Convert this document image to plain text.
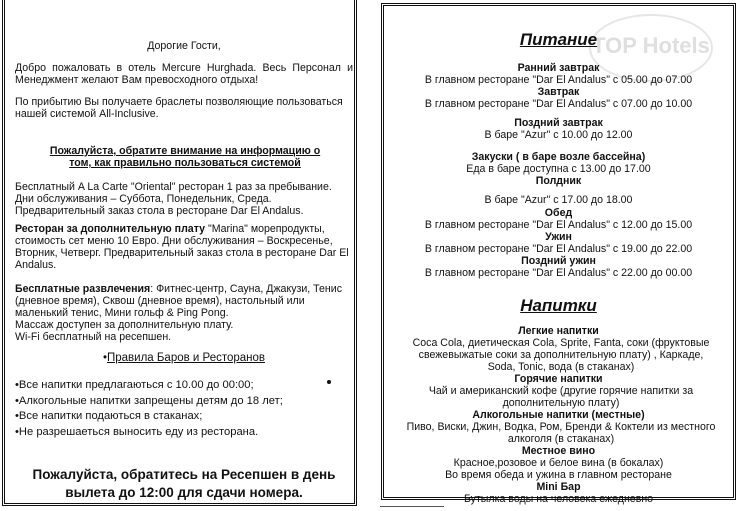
Дорогие Гости,
Добро пожаловать в отель Mercure Hurghada. Весь Персонал и Менеджмент желают Вам превосходного отдыха!
По прибытию Вы получаете браслеты позволяющие пользоваться нашей системой All-Inclusive.
Пожалуйста, обратите внимание на информацию о том, как правильно пользоваться системой
Бесплатный A La Carte "Oriental" ресторан 1 раз за пребывание. Дни обслуживания – Суббота, Понедельник, Среда. Предварительный заказ стола в ресторане Dar El Andalus.
Ресторан за дополнительную плату "Marina" морепродукты, стоимость сет меню 10 Евро. Дни обслуживания – Воскресенье, Вторник, Четверг. Предварительный заказ стола в ресторане Dar El Andalus.
Бесплатные развлечения: Фитнес-центр, Сауна, Джакузи, Тенис (дневное время), Сквош (дневное время), настольный или маленький тенис, Мини гольф & Ping Pong.
Массаж доступен за дополнительную плату.
Wi-Fi бесплатный на ресепшен.
•Правила Баров и Ресторанов
•Все напитки предлагаються с 10.00 до 00:00;
•Алкогольные напитки запрещены детям до 18 лет;
•Все напитки подаються в стаканах;
•Не разрешаеться выносить еду из ресторана.
Пожалуйста, обратитесь на Ресепшен в день вылета до 12:00 для сдачи номера.
TOP Hotels
Питание
Ранний завтрак
В главном ресторане "Dar El Andalus" с 05.00 до 07.00
Завтрак
В главном ресторане "Dar El Andalus" с 07.00 до 10.00
Поздний завтрак
В баре "Azur" с 10.00 до 12.00
Закуски ( в баре возле бассейна)
Еда в баре доступна с 13.00 до 17.00
Полдник
В баре "Azur" с 17.00 до 18.00
Обед
В главном ресторане "Dar El Andalus" с 12.00 до 15.00
Ужин
В главном ресторане "Dar El Andalus" с 19.00 до 22.00
Поздний ужин
В главном ресторане "Dar El Andalus" с 22.00 до 00.00
Напитки
Легкие напитки
Coca Cola, диетическая Cola, Sprite, Fanta, соки (фруктовые свежевыжатые соки за дополнительную плату) , Каркаде, Soda, Tonic, вода (в стаканах)
Горячие напитки
Чай и американский кофе (другие горячие напитки за дополнительную плату)
Алкогольные напитки (местные)
Пиво, Виски, Джин, Водка, Ром, Бренди & Коктели из местного алкоголя (в стаканах)
Местное вино
Красное,розовое и белое вина (в бокалах)
Во время обеда и ужина в главном ресторане
Mini Бар
Бутылка воды на человека ежедневно
